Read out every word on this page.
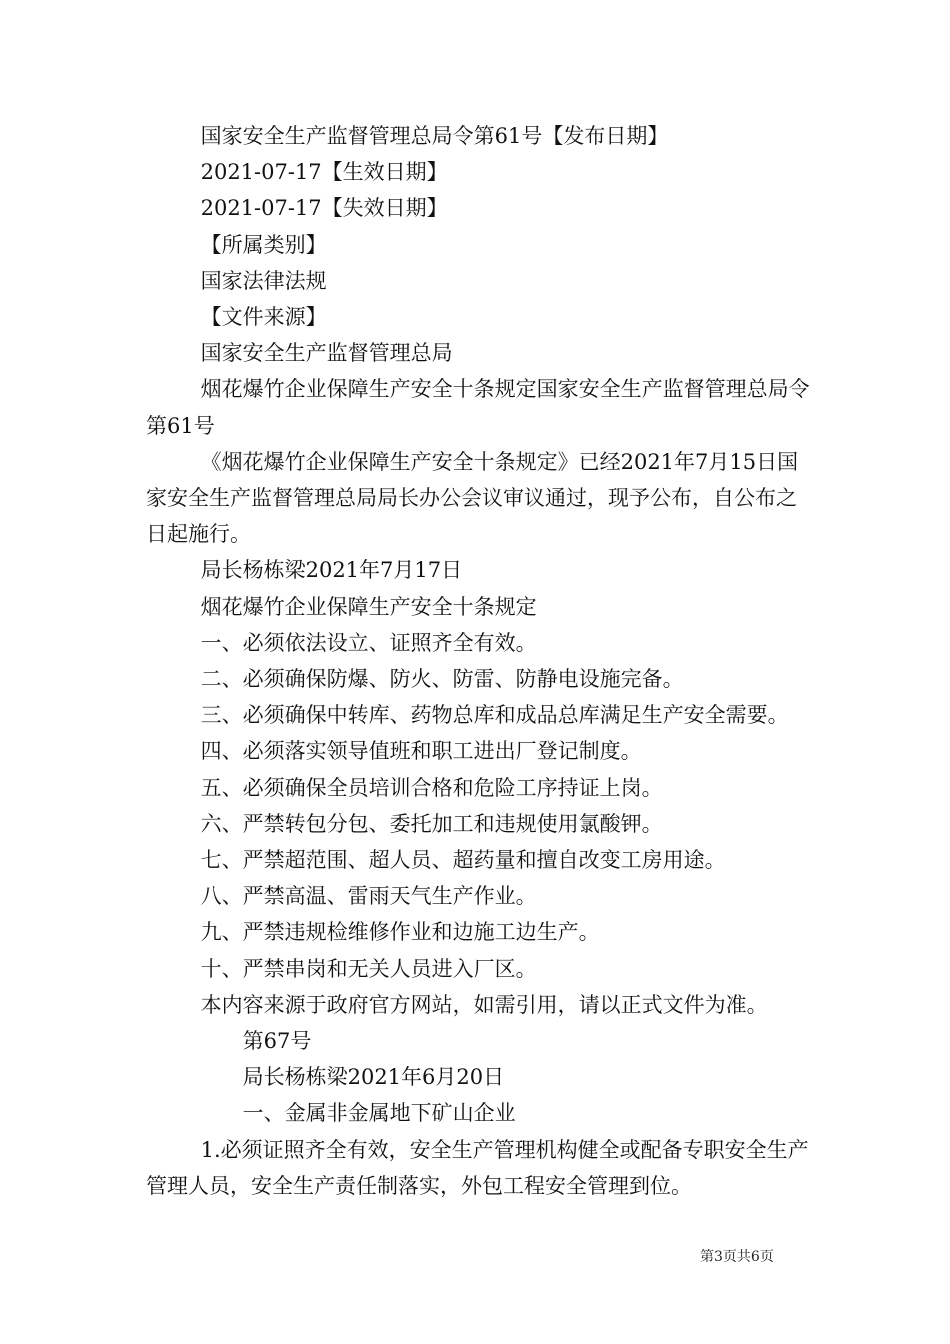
国家安全生产监督管理总局令第61号【发布日期】

2021-07-17【生效日期】

2021-07-17【失效日期】

【所属类别】

国家法律法规

【文件来源】

国家安全生产监督管理总局

烟花爆竹企业保障生产安全十条规定国家安全生产监督管理总局令第61号

《烟花爆竹企业保障生产安全十条规定》已经2021年7月15日国家安全生产监督管理总局局长办公会议审议通过，现予公布，自公布之日起施行。

局长杨栋梁2021年7月17日

烟花爆竹企业保障生产安全十条规定

一、必须依法设立、证照齐全有效。

二、必须确保防爆、防火、防雷、防静电设施完备。

三、必须确保中转库、药物总库和成品总库满足生产安全需要。

四、必须落实领导值班和职工进出厂登记制度。

五、必须确保全员培训合格和危险工序持证上岗。

六、严禁转包分包、委托加工和违规使用氯酸钾。

七、严禁超范围、超人员、超药量和擅自改变工房用途。

八、严禁高温、雷雨天气生产作业。

九、严禁违规检维修作业和边施工边生产。

十、严禁串岗和无关人员进入厂区。

本内容来源于政府官方网站，如需引用，请以正式文件为准。

第67号

局长杨栋梁2021年6月20日

一、金属非金属地下矿山企业

1.必须证照齐全有效，安全生产管理机构健全或配备专职安全生产管理人员，安全生产责任制落实，外包工程安全管理到位。

第3页共6页
